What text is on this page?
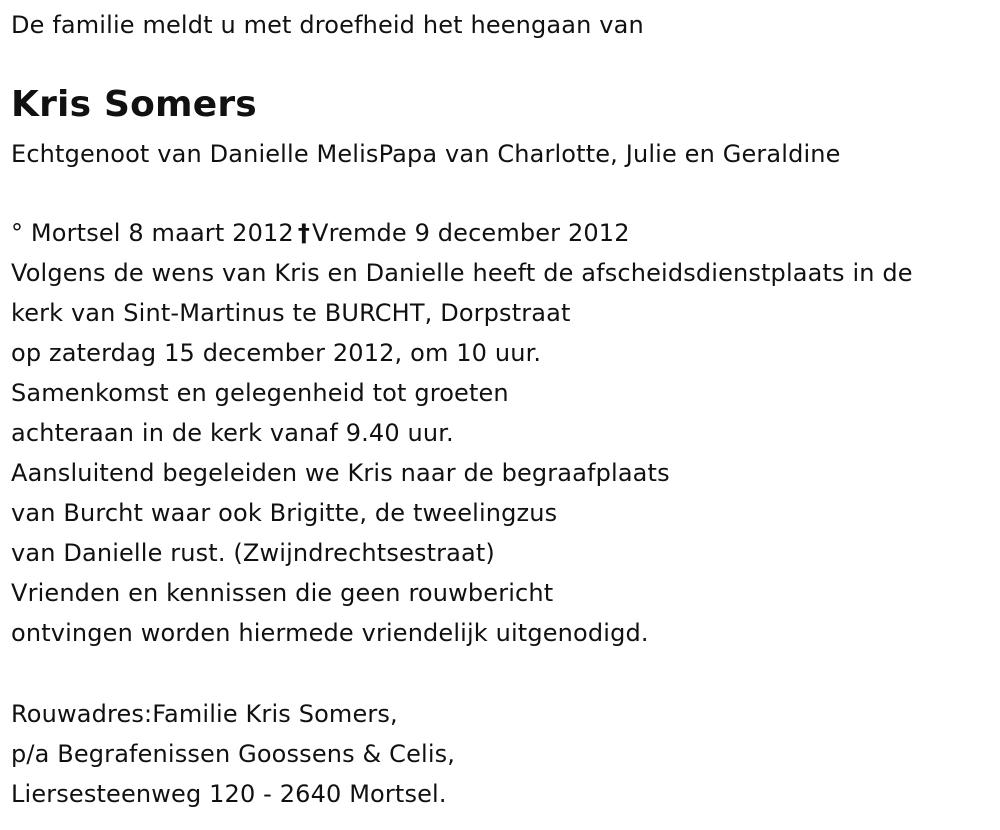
De familie meldt u met droefheid het heengaan van
Kris Somers
Echtgenoot van Danielle MelisPapa van Charlotte, Julie en Geraldine
° Mortsel 8 maart 2012 †Vremde 9 december 2012
Volgens de wens van Kris en Danielle heeft de afscheidsdienstplaats in de
kerk van Sint-Martinus te BURCHT, Dorpstraat
op zaterdag 15 december 2012, om 10 uur.
Samenkomst en gelegenheid tot groeten
achteraan in de kerk vanaf 9.40 uur.
Aansluitend begeleiden we Kris naar de begraafplaats
van Burcht waar ook Brigitte, de tweelingzus
van Danielle rust. (Zwijndrechtsestraat)
Vrienden en kennissen die geen rouwbericht
ontvingen worden hiermede vriendelijk uitgenodigd.
Rouwadres:Familie Kris Somers,
p/a Begrafenissen Goossens & Celis,
Liersesteenweg 120 - 2640 Mortsel.
